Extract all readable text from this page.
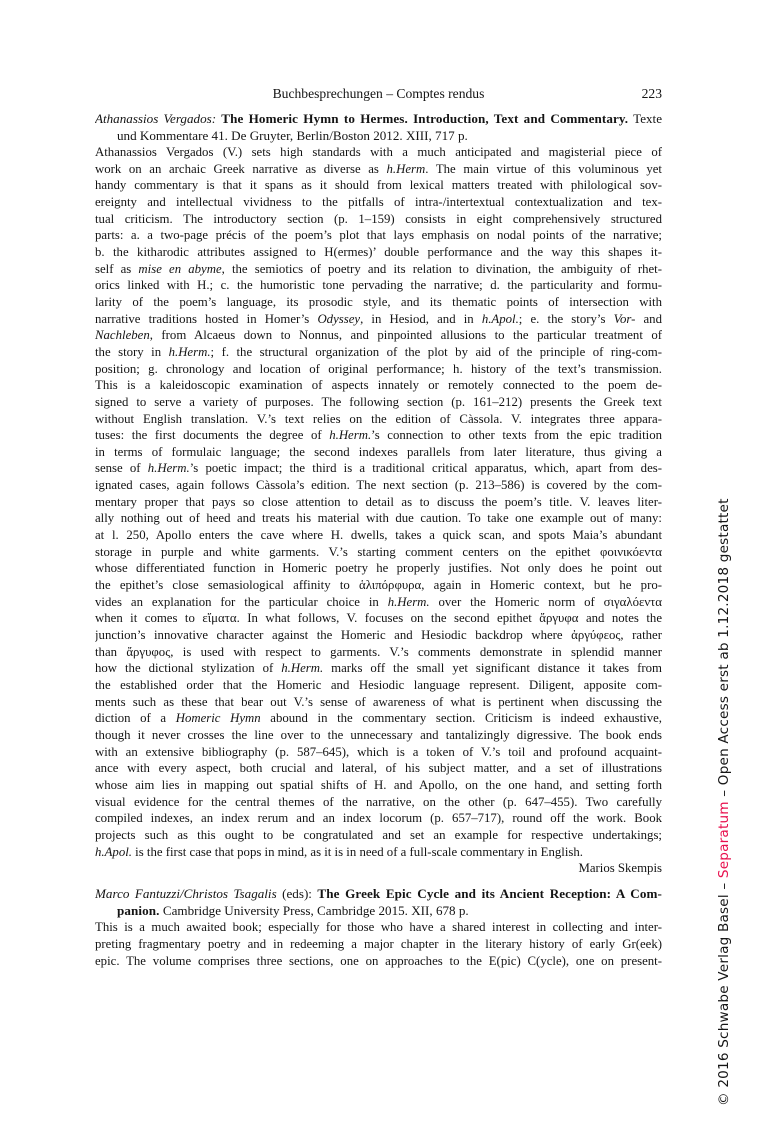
Buchbesprechungen – Comptes rendus	223
Athanassios Vergados: The Homeric Hymn to Hermes. Introduction, Text and Commentary. Texte
und Kommentare 41. De Gruyter, Berlin/Boston 2012. XIII, 717 p.
Athanassios Vergados (V.) sets high standards with a much anticipated and magisterial piece of
work on an archaic Greek narrative as diverse as h.Herm. The main virtue of this voluminous yet
handy commentary is that it spans as it should from lexical matters treated with philological sov-
ereignty and intellectual vividness to the pitfalls of intra-/intertextual contextualization and tex-
tual criticism. The introductory section (p. 1–159) consists in eight comprehensively structured
parts: a. a two-page précis of the poem’s plot that lays emphasis on nodal points of the narrative;
b. the kitharodic attributes assigned to H(ermes)’ double performance and the way this shapes it-
self as mise en abyme, the semiotics of poetry and its relation to divination, the ambiguity of rhet-
orics linked with H.; c. the humoristic tone pervading the narrative; d. the particularity and formu-
larity of the poem’s language, its prosodic style, and its thematic points of intersection with
narrative traditions hosted in Homer’s Odyssey, in Hesiod, and in h.Apol.; e. the story’s Vor- and
Nachleben, from Alcaeus down to Nonnus, and pinpointed allusions to the particular treatment of
the story in h.Herm.; f. the structural organization of the plot by aid of the principle of ring-com-
position; g. chronology and location of original performance; h. history of the text’s transmission.
This is a kaleidoscopic examination of aspects innately or remotely connected to the poem de-
signed to serve a variety of purposes. The following section (p. 161–212) presents the Greek text
without English translation. V.’s text relies on the edition of Càssola. V. integrates three appara-
tuses: the first documents the degree of h.Herm.’s connection to other texts from the epic tradition
in terms of formulaic language; the second indexes parallels from later literature, thus giving a
sense of h.Herm.’s poetic impact; the third is a traditional critical apparatus, which, apart from des-
ignated cases, again follows Càssola’s edition. The next section (p. 213–586) is covered by the com-
mentary proper that pays so close attention to detail as to discuss the poem’s title. V. leaves liter-
ally nothing out of heed and treats his material with due caution. To take one example out of many:
at l. 250, Apollo enters the cave where H. dwells, takes a quick scan, and spots Maia’s abundant
storage in purple and white garments. V.’s starting comment centers on the epithet φοινικόεντα
whose differentiated function in Homeric poetry he properly justifies. Not only does he point out
the epithet’s close semasiological affinity to ἁλιπόρφυρα, again in Homeric context, but he pro-
vides an explanation for the particular choice in h.Herm. over the Homeric norm of σιγαλόεντα
when it comes to εἵματα. In what follows, V. focuses on the second epithet ἄργυφα and notes the
junction’s innovative character against the Homeric and Hesiodic backdrop where ἀργύφεος, rather
than ἄργυφος, is used with respect to garments. V.’s comments demonstrate in splendid manner
how the dictional stylization of h.Herm. marks off the small yet significant distance it takes from
the established order that the Homeric and Hesiodic language represent. Diligent, apposite com-
ments such as these that bear out V.’s sense of awareness of what is pertinent when discussing the
diction of a Homeric Hymn abound in the commentary section. Criticism is indeed exhaustive,
though it never crosses the line over to the unnecessary and tantalizingly digressive. The book ends
with an extensive bibliography (p. 587–645), which is a token of V.’s toil and profound acquaint-
ance with every aspect, both crucial and lateral, of his subject matter, and a set of illustrations
whose aim lies in mapping out spatial shifts of H. and Apollo, on the one hand, and setting forth
visual evidence for the central themes of the narrative, on the other (p. 647–455). Two carefully
compiled indexes, an index rerum and an index locorum (p. 657–717), round off the work. Book
projects such as this ought to be congratulated and set an example for respective undertakings;
h.Apol. is the first case that pops in mind, as it is in need of a full-scale commentary in English.
Marios Skempis
Marco Fantuzzi/Christos Tsagalis (eds): The Greek Epic Cycle and its Ancient Reception: A Com-
panion. Cambridge University Press, Cambridge 2015. XII, 678 p.
This is a much awaited book; especially for those who have a shared interest in collecting and inter-
preting fragmentary poetry and in redeeming a major chapter in the literary history of early Gr(eek)
epic. The volume comprises three sections, one on approaches to the E(pic) C(ycle), one on present-	© 2016 Schwabe Verlag Basel – Separatum – Open Access erst ab 1.12.2018 gestattet
